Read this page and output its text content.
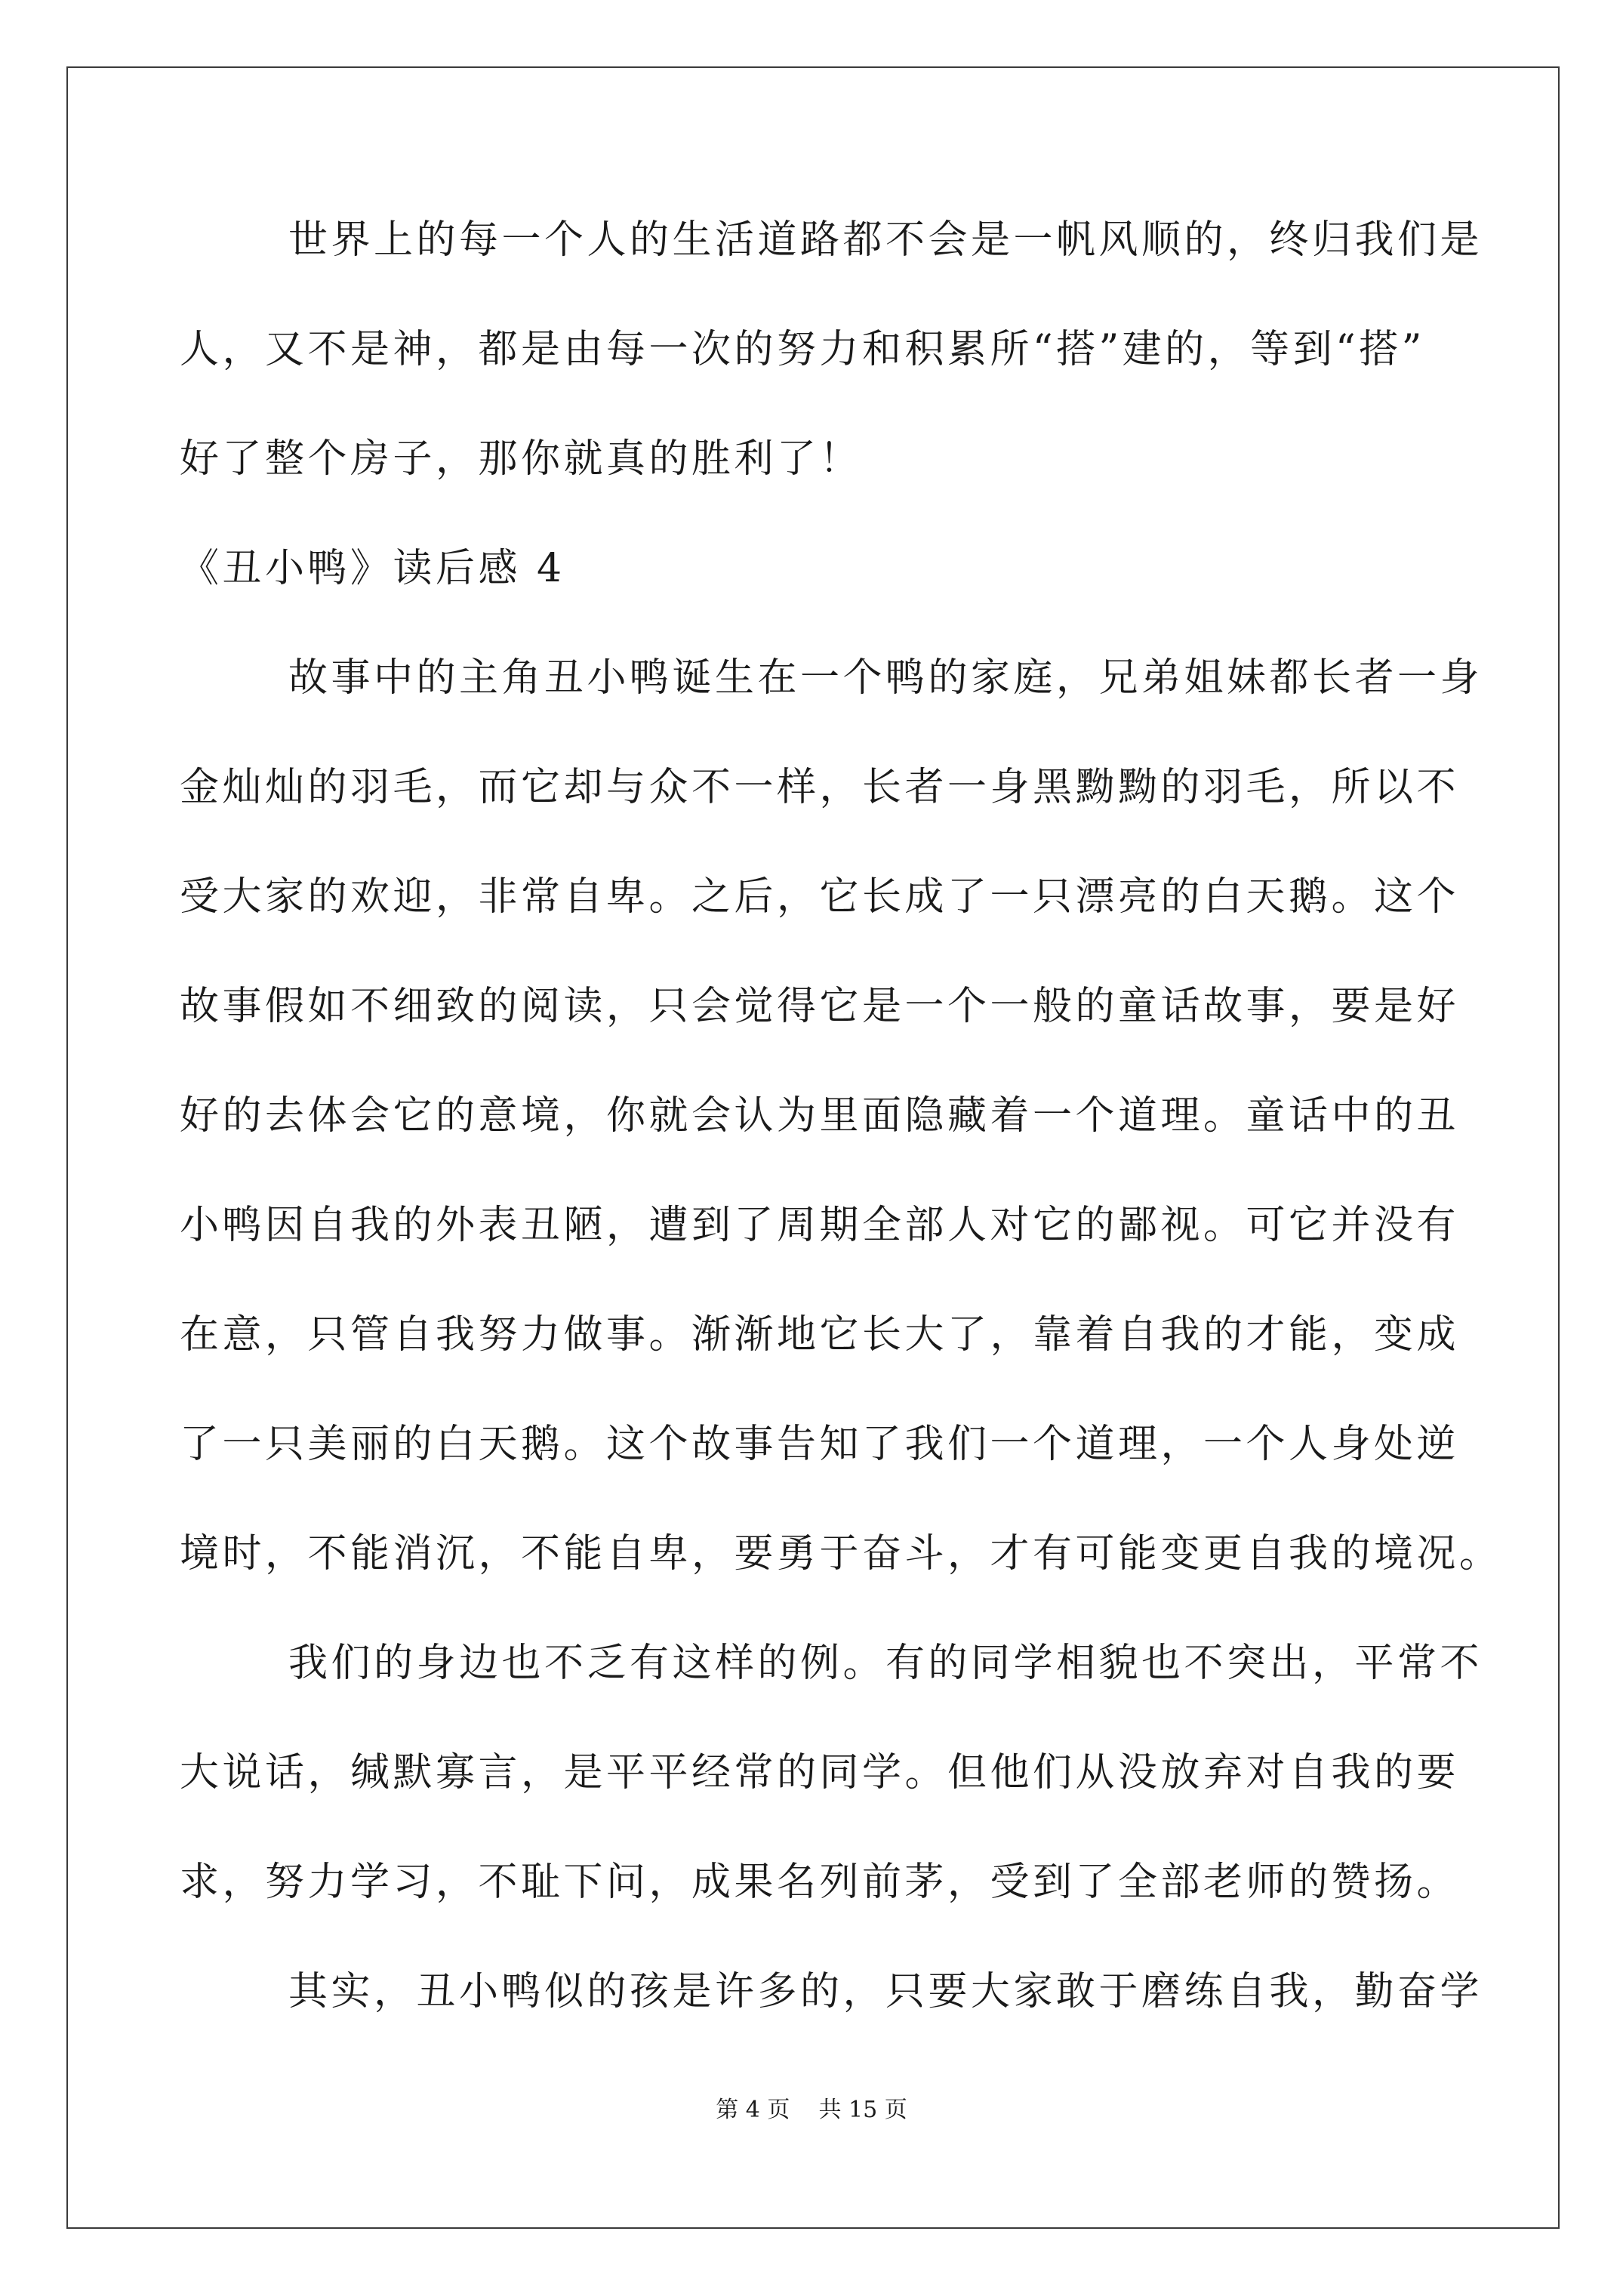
世界上的每一个人的生活道路都不会是一帆风顺的，终归我们是
人，又不是神，都是由每一次的努力和积累所“搭”建的，等到“搭”
好了整个房子，那你就真的胜利了！
《丑小鸭》读后感 4
故事中的主角丑小鸭诞生在一个鸭的家庭，兄弟姐妹都长者一身
金灿灿的羽毛，而它却与众不一样，长者一身黑黝黝的羽毛，所以不
受大家的欢迎，非常自卑。之后，它长成了一只漂亮的白天鹅。这个
故事假如不细致的阅读，只会觉得它是一个一般的童话故事，要是好
好的去体会它的意境，你就会认为里面隐藏着一个道理。童话中的丑
小鸭因自我的外表丑陋，遭到了周期全部人对它的鄙视。可它并没有
在意，只管自我努力做事。渐渐地它长大了，靠着自我的才能，变成
了一只美丽的白天鹅。这个故事告知了我们一个道理，一个人身处逆
境时，不能消沉，不能自卑，要勇于奋斗，才有可能变更自我的境况。
我们的身边也不乏有这样的例。有的同学相貌也不突出，平常不
大说话，缄默寡言，是平平经常的同学。但他们从没放弃对自我的要
求，努力学习，不耻下问，成果名列前茅，受到了全部老师的赞扬。
其实，丑小鸭似的孩是许多的，只要大家敢于磨练自我，勤奋学
第 4 页    共 15 页
